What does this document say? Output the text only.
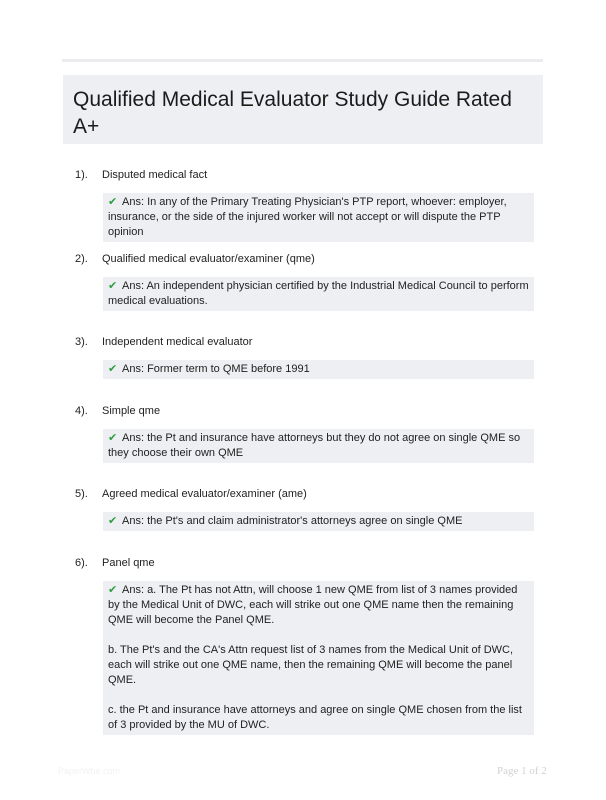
Qualified Medical Evaluator Study Guide Rated A+
1). Disputed medical fact

✔ Ans: In any of the Primary Treating Physician's PTP report, whoever: employer, insurance, or the side of the injured worker will not accept or will dispute the PTP opinion

2). Qualified medical evaluator/examiner (qme)

✔ Ans: An independent physician certified by the Industrial Medical Council to perform medical evaluations.

3). Independent medical evaluator

✔ Ans: Former term to QME before 1991

4). Simple qme

✔ Ans: the Pt and insurance have attorneys but they do not agree on single QME so they choose their own QME

5). Agreed medical evaluator/examiner (ame)

✔ Ans: the Pt's and claim administrator's attorneys agree on single QME

6). Panel qme

✔ Ans: a. The Pt has not Attn, will choose 1 new QME from list of 3 names provided by the Medical Unit of DWC, each will strike out one QME name then the remaining QME will become the Panel QME.

b. The Pt's and the CA's Attn request list of 3 names from the Medical Unit of DWC, each will strike out one QME name, then the remaining QME will become the panel QME.

c. the Pt and insurance have attorneys and agree on single QME chosen from the list of 3 provided by the MU of DWC.

PaperWbe.com	Page 1 of 2
